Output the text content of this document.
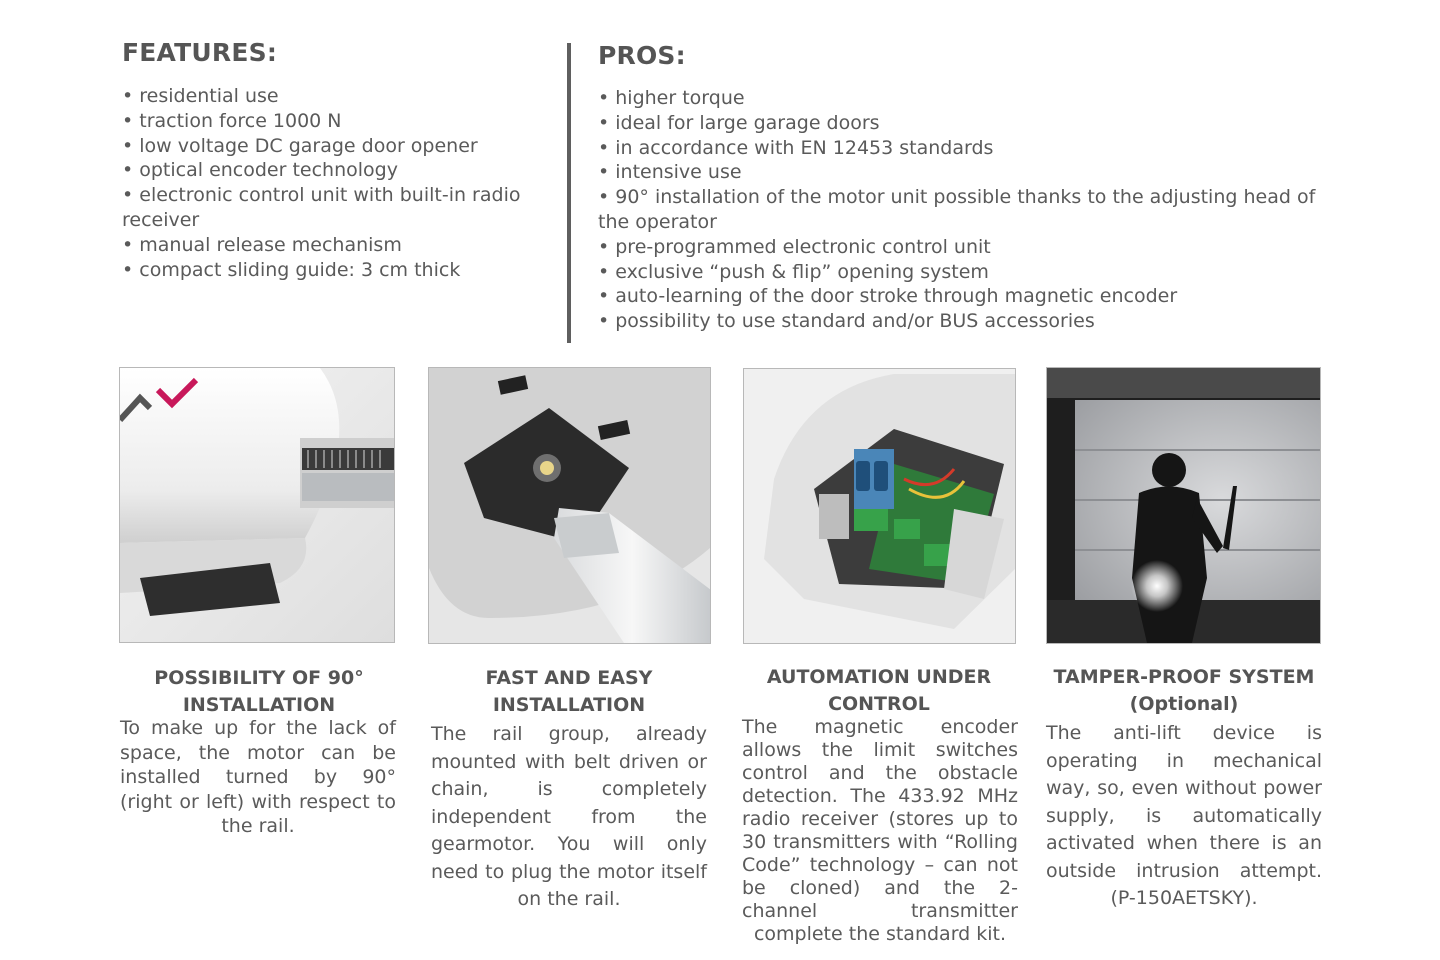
FEATURES:
• residential use
• traction force 1000 N
• low voltage DC garage door opener
• optical encoder technology
• electronic control unit with built-in radio receiver
• manual release mechanism
• compact sliding guide: 3 cm thick
PROS:
• higher torque
• ideal for large garage doors
• in accordance with EN 12453 standards
• intensive use
• 90° installation of the motor unit possible thanks to the adjusting head of the operator
• pre-programmed electronic control unit
• exclusive “push & flip” opening system
• auto-learning of the door stroke through magnetic encoder
• possibility to use standard and/or BUS accessories
POSSIBILITY OF 90° INSTALLATION
FAST AND EASY INSTALLATION
AUTOMATION UNDER CONTROL
TAMPER-PROOF SYSTEM (Optional)

To make up for the lack of space, the motor can be installed turned by 90° (right or left) with respect to the rail.

The rail group, already mounted with belt driven or chain, is completely independent from the gearmotor. You will only need to plug the motor itself on the rail.

The magnetic encoder allows the limit switches control and the obstacle detection. The 433.92 MHz radio receiver (stores up to 30 transmitters with “Rolling Code” technology – can not be cloned) and the 2-channel transmitter complete the standard kit.

The anti-lift device is operating in mechanical way, so, even without power supply, is automatically activated when there is an outside intrusion attempt. (P-150AETSKY).
